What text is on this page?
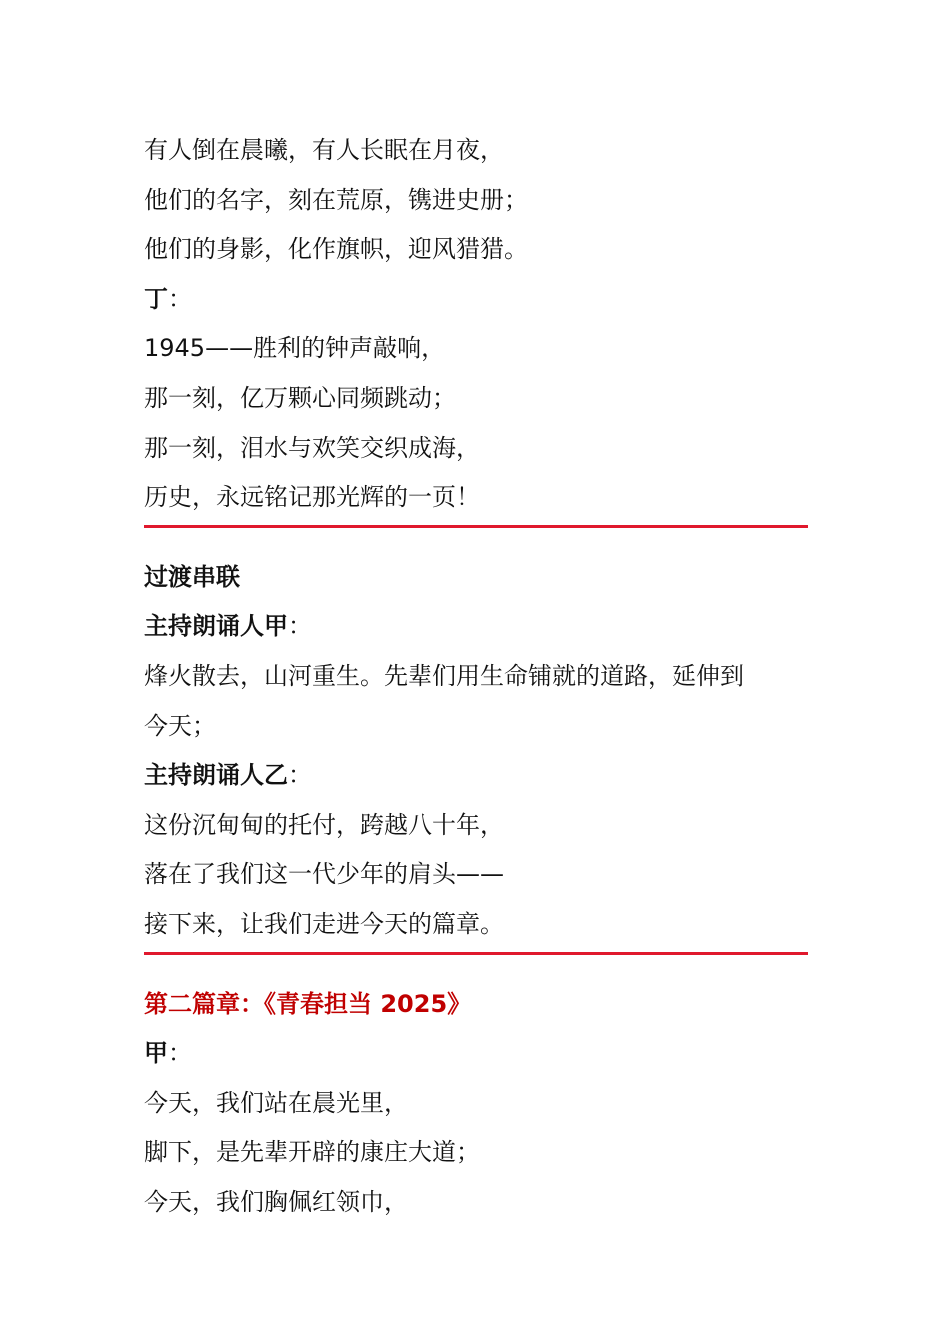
有人倒在晨曦，有人长眠在月夜，
他们的名字，刻在荒原，镌进史册；
他们的身影，化作旗帜，迎风猎猎。
丁：
1945——胜利的钟声敲响，
那一刻，亿万颗心同频跳动；
那一刻，泪水与欢笑交织成海，
历史，永远铭记那光辉的一页！
过渡串联
主持朗诵人甲：
烽火散去，山河重生。先辈们用生命铺就的道路，延伸到
今天；
主持朗诵人乙：
这份沉甸甸的托付，跨越八十年，
落在了我们这一代少年的肩头——
接下来，让我们走进今天的篇章。
第二篇章：《青春担当 2025》
甲：
今天，我们站在晨光里，
脚下，是先辈开辟的康庄大道；
今天，我们胸佩红领巾，
